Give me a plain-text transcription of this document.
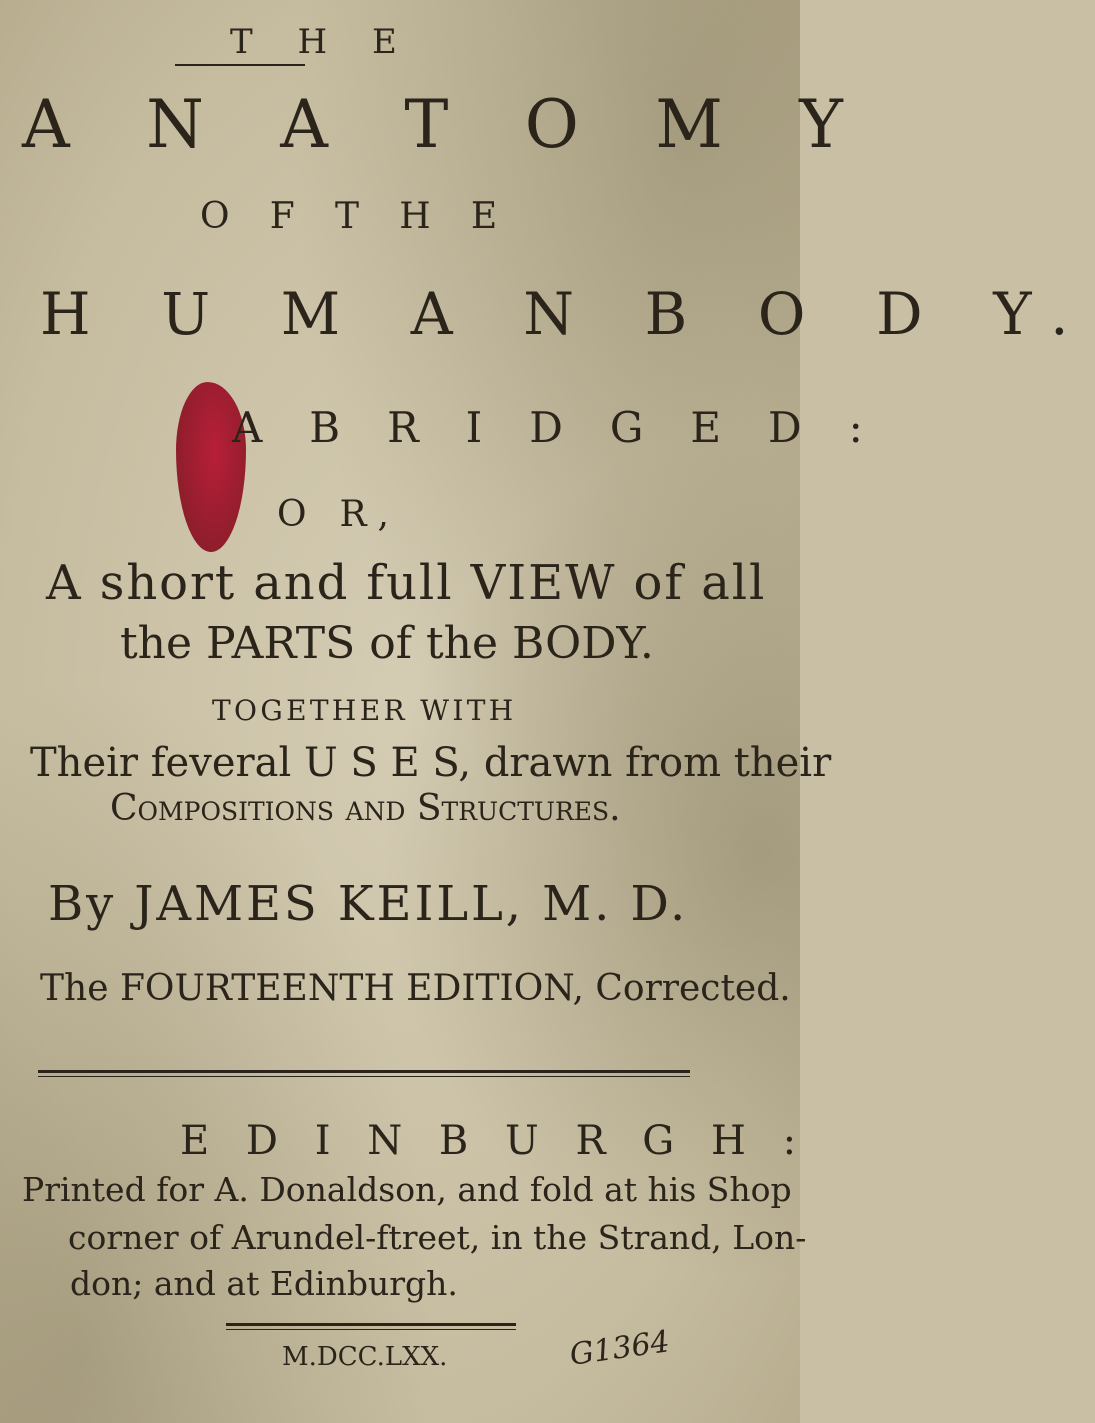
T H E
A N A T O M Y
O F T H E
H U M A N B O D Y.
A B R I D G E D :
O R,
A short and full VIEW of all
the PARTS of the BODY.
TOGETHER WITH
Their feveral U S E S, drawn from their
Compositions and Structures.
By JAMES KEILL, M. D.
The FOURTEENTH EDITION, Corrected.
E D I N B U R G H :
Printed for A. Donaldson, and fold at his Shop
corner of Arundel-ftreet, in the Strand, Lon-
don; and at Edinburgh.
M.DCC.LXX.	G1364
